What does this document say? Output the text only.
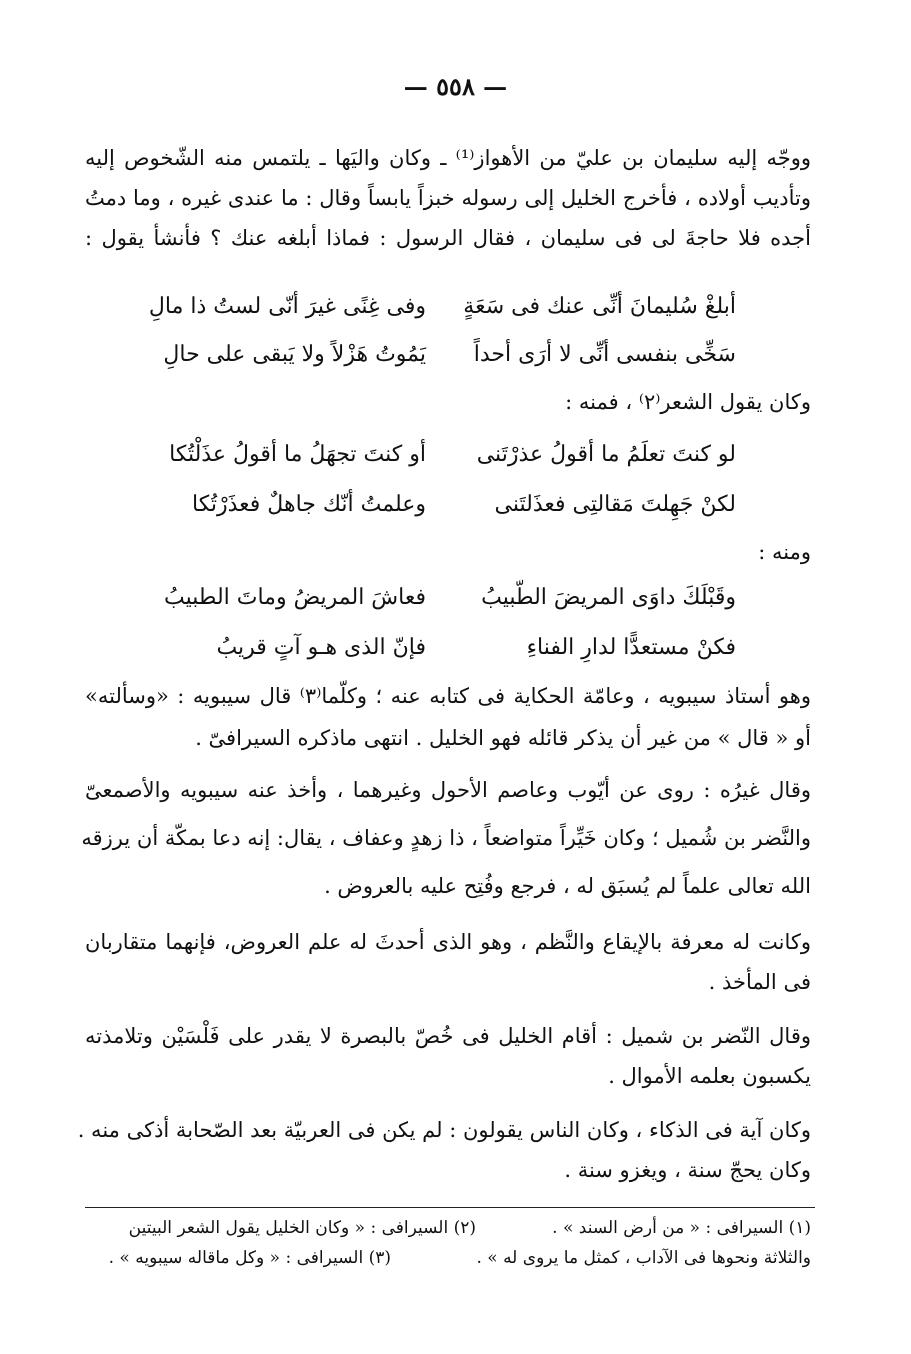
— ٥٥٨ —
ووجّه إليه سليمان بن عليّ من الأهواز⁽¹⁾ ـ وكان واليَها ـ يلتمس منه الشّخوص إليه
وتأديب أولاده ، فأخرج الخليل إلى رسوله خبزاً يابساً وقال : ما عندى غيره ، وما دمتُ
أجده فلا حاجةَ لى فى سليمان ، فقال الرسول : فماذا أبلغه عنك ؟ فأنشأ يقول :
أبلغْ سُليمانَ أنِّى عنك فى سَعَةٍ
وفى غِنًى غيرَ أنّى لستُ ذا مالِ
سَخِّى بنفسى أنِّى لا أرَى أحداً
يَمُوتُ هَزْلاً ولا يَبقى على حالِ
وكان يقول الشعر⁽٢⁾ ، فمنه :
لو كنتَ تعلَمُ ما أقولُ عذرْتَنى
أو كنتَ تجهَلُ ما أقولُ عذَلْتُكا
لكنْ جَهِلتَ مَقالتِى فعذَلتَنى
وعلمتُ أنّك جاهلٌ فعذَرْتُكا
ومنه :
وقَبْلَكَ داوَى المريضَ الطّبيبُ
فعاشَ المريضُ وماتَ الطبيبُ
فكنْ مستعدًّا لدارِ الفناءِ
فإنّ الذى هـو آتٍ قريبُ
وهو أستاذ سيبويه ، وعامّة الحكاية فى كتابه عنه ؛ وكلّما⁽٣⁾ قال سيبويه : «وسألته»
أو « قال » من غير أن يذكر قائله فهو الخليل . انتهى ماذكره السيرافىّ .
وقال غيرُه : روى عن أيّوب وعاصم الأحول وغيرهما ، وأخذ عنه سيبويه والأصمعىّ
والنَّضر بن شُميل ؛ وكان خَيِّراً متواضعاً ، ذا زهدٍ وعفاف ، يقال: إنه دعا بمكّة أن يرزقه
الله تعالى علماً لم يُسبَق له ، فرجع وفُتِح عليه بالعروض .
وكانت له معرفة بالإيقاع والنَّظم ، وهو الذى أحدثَ له علم العروض، فإنهما متقاربان
فى المأخذ .
وقال النّضر بن شميل : أقام الخليل فى خُصّ بالبصرة لا يقدر على فَلْسَيْن وتلامذته
يكسبون بعلمه الأموال .
وكان آية فى الذكاء ، وكان الناس يقولون : لم يكن فى العربيّة بعد الصّحابة أذكى منه .
وكان يحجّ سنة ، ويغزو سنة .
(١) السيرافى : « من أرض السند » .
(٢) السيرافى : « وكان الخليل يقول الشعر البيتين
والثلاثة ونحوها فى الآداب ، كمثل ما يروى له » .
(٣) السيرافى : « وكل ماقاله سيبويه » .
